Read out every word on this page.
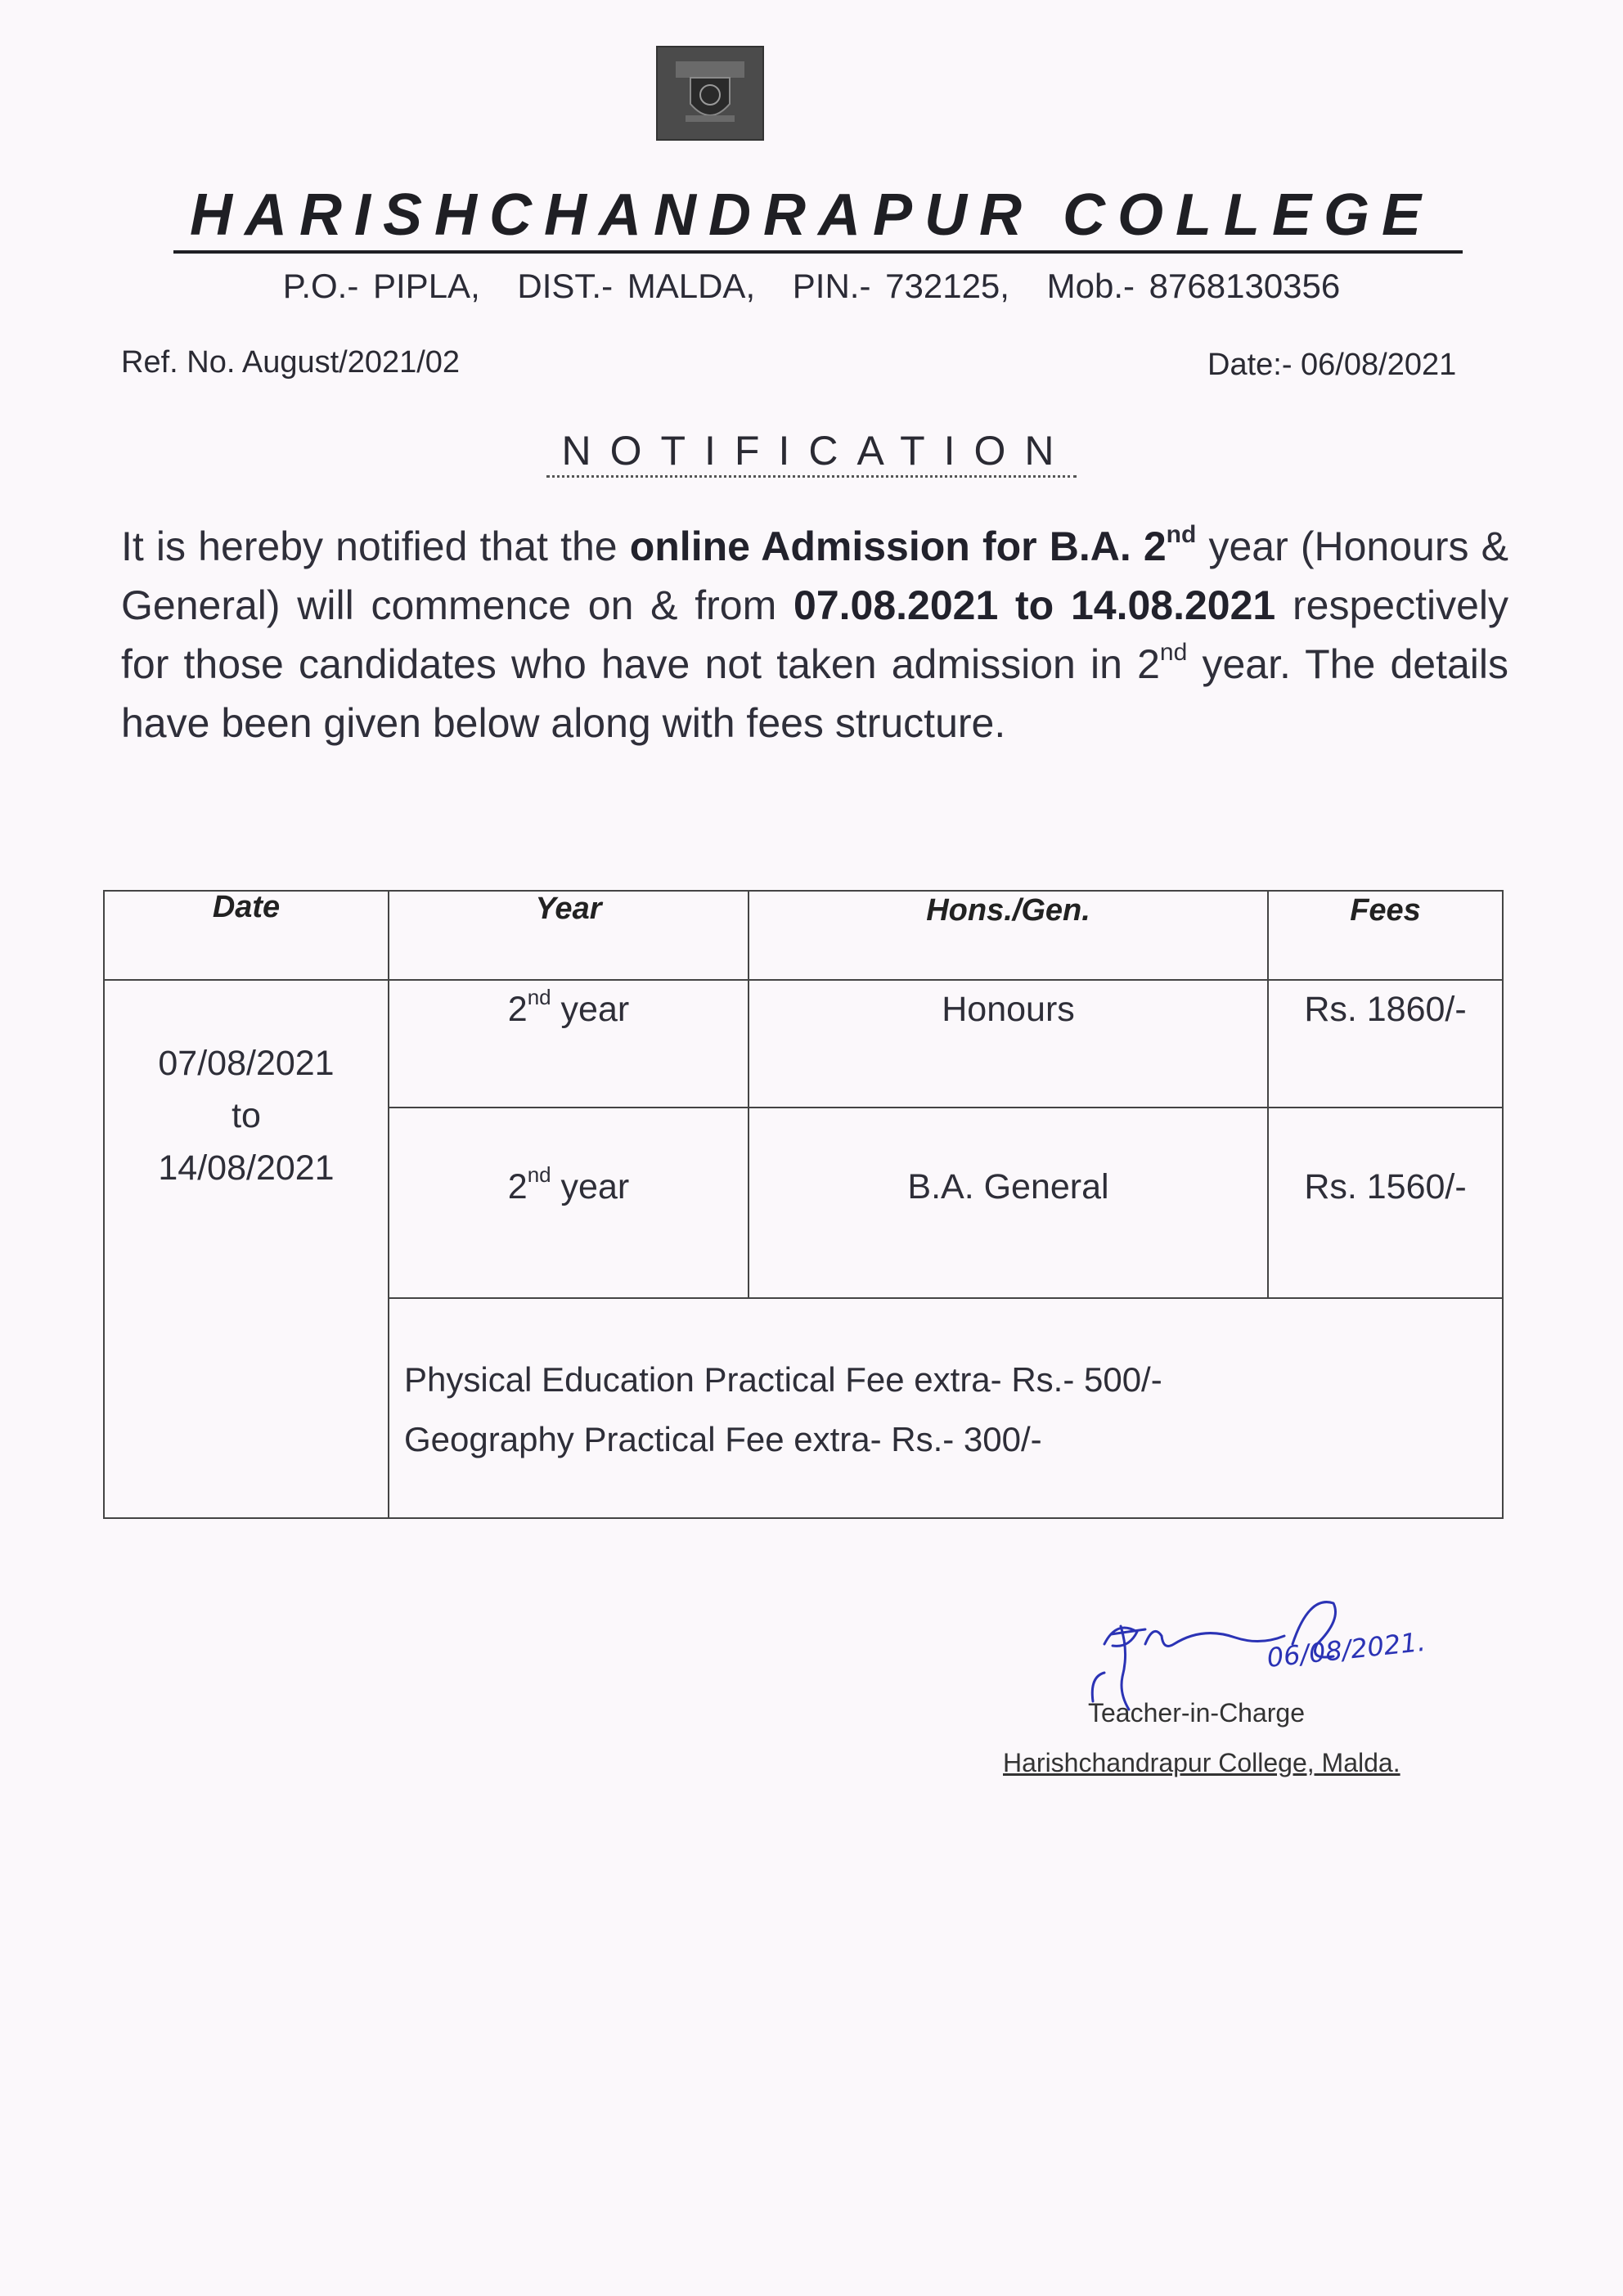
HARISHCHANDRAPUR COLLEGE
P.O.- PIPLA, DIST.- MALDA, PIN.- 732125, Mob.- 8768130356
Ref. No. August/2021/02	Date:- 06/08/2021
NOTIFICATION
It is hereby notified that the online Admission for B.A. 2nd year (Honours & General) will commence on & from 07.08.2021 to 14.08.2021 respectively for those candidates who have not taken admission in 2nd year. The details have been given below along with fees structure.
Date	Year	Hons./Gen.	Fees
07/08/2021
to
14/08/2021
2nd year	Honours	Rs. 1860/-
2nd year	B.A. General	Rs. 1560/-
Physical Education Practical Fee extra- Rs.- 500/-
Geography Practical Fee extra- Rs.- 300/-
06/08/2021.
Teacher-in-Charge
Harishchandrapur College, Malda.
